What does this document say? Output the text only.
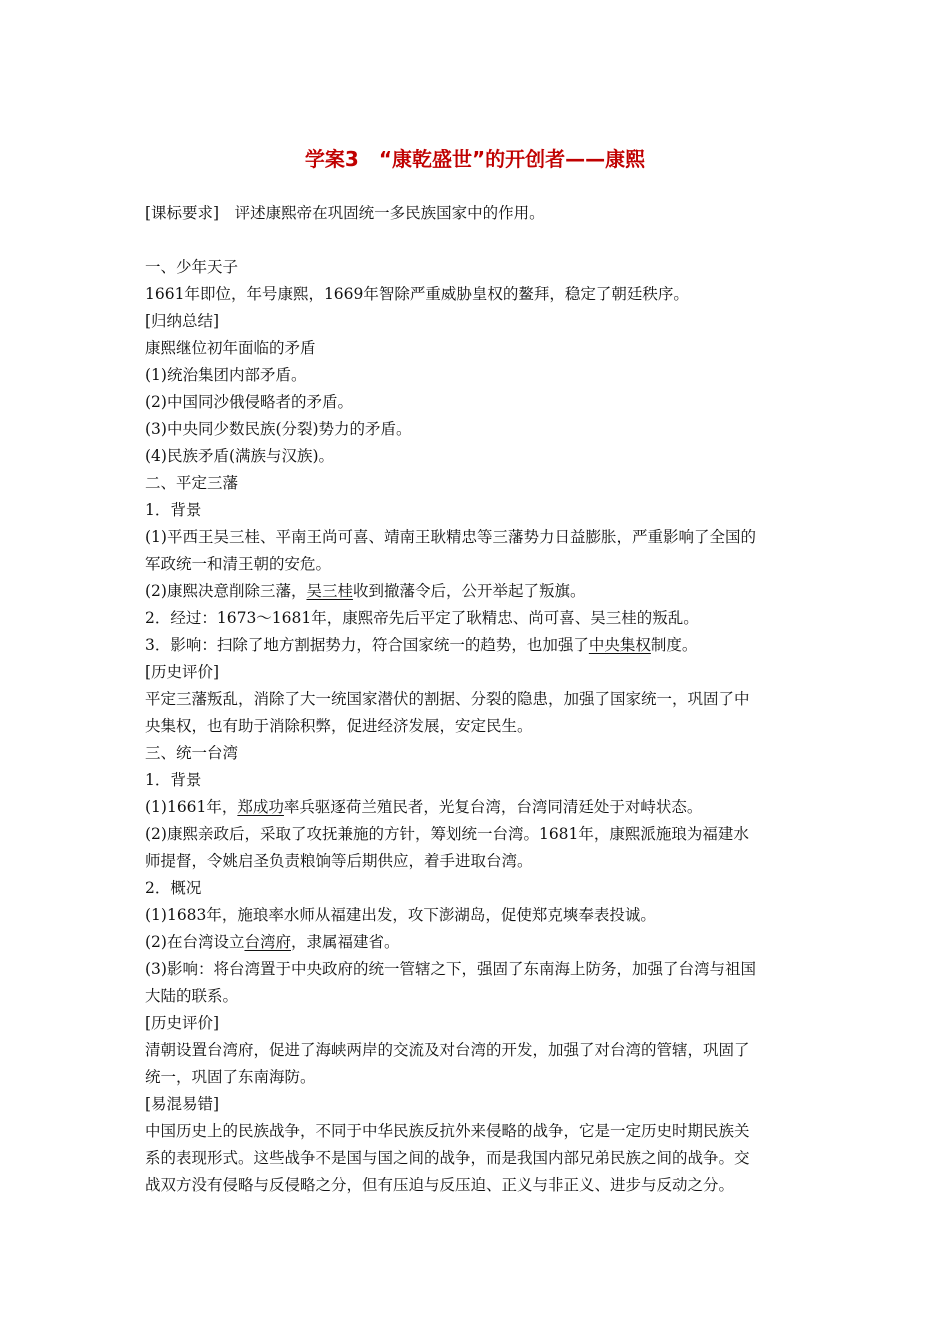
学案3　“康乾盛世”的开创者——康熙

[课标要求]　评述康熙帝在巩固统一多民族国家中的作用。

一、少年天子

1661年即位，年号康熙，1669年智除严重威胁皇权的鳌拜，稳定了朝廷秩序。

[归纳总结]

康熙继位初年面临的矛盾

(1)统治集团内部矛盾。

(2)中国同沙俄侵略者的矛盾。

(3)中央同少数民族(分裂)势力的矛盾。

(4)民族矛盾(满族与汉族)。

二、平定三藩

1．背景

(1)平西王吴三桂、平南王尚可喜、靖南王耿精忠等三藩势力日益膨胀，严重影响了全国的

军政统一和清王朝的安危。

(2)康熙决意削除三藩，吴三桂收到撤藩令后，公开举起了叛旗。

2．经过：1673～1681年，康熙帝先后平定了耿精忠、尚可喜、吴三桂的叛乱。

3．影响：扫除了地方割据势力，符合国家统一的趋势，也加强了中央集权制度。

[历史评价]

平定三藩叛乱，消除了大一统国家潜伏的割据、分裂的隐患，加强了国家统一，巩固了中

央集权，也有助于消除积弊，促进经济发展，安定民生。

三、统一台湾

1．背景

(1)1661年，郑成功率兵驱逐荷兰殖民者，光复台湾，台湾同清廷处于对峙状态。

(2)康熙亲政后，采取了攻抚兼施的方针，筹划统一台湾。1681年，康熙派施琅为福建水

师提督，令姚启圣负责粮饷等后期供应，着手进取台湾。

2．概况

(1)1683年，施琅率水师从福建出发，攻下澎湖岛，促使郑克塽奉表投诚。

(2)在台湾设立台湾府，隶属福建省。

(3)影响：将台湾置于中央政府的统一管辖之下，强固了东南海上防务，加强了台湾与祖国

大陆的联系。

[历史评价]

清朝设置台湾府，促进了海峡两岸的交流及对台湾的开发，加强了对台湾的管辖，巩固了

统一，巩固了东南海防。

[易混易错]

中国历史上的民族战争，不同于中华民族反抗外来侵略的战争，它是一定历史时期民族关

系的表现形式。这些战争不是国与国之间的战争，而是我国内部兄弟民族之间的战争。交

战双方没有侵略与反侵略之分，但有压迫与反压迫、正义与非正义、进步与反动之分。
